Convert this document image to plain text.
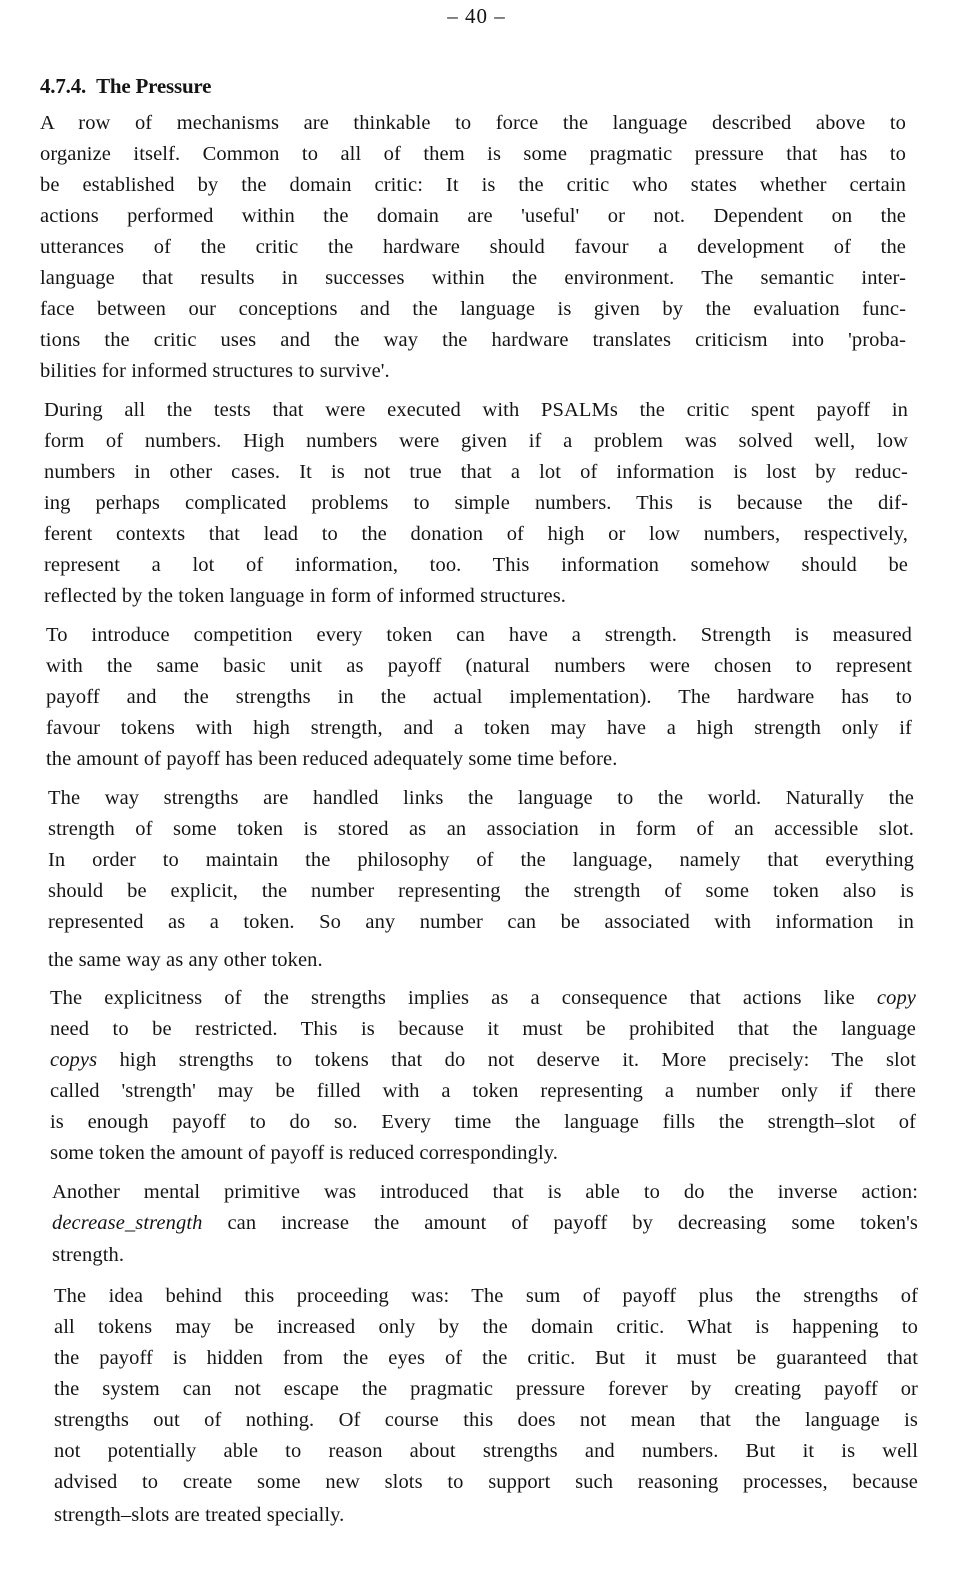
– 40 –
4.7.4. The Pressure
A row of mechanisms are thinkable to force the language described above to
organize itself. Common to all of them is some pragmatic pressure that has to
be established by the domain critic: It is the critic who states whether certain
actions performed within the domain are 'useful' or not. Dependent on the
utterances of the critic the hardware should favour a development of the
language that results in successes within the environment. The semantic inter-
face between our conceptions and the language is given by the evaluation func-
tions the critic uses and the way the hardware translates criticism into 'proba-
bilities for informed structures to survive'.
During all the tests that were executed with PSALMs the critic spent payoff in
form of numbers. High numbers were given if a problem was solved well, low
numbers in other cases. It is not true that a lot of information is lost by reduc-
ing perhaps complicated problems to simple numbers. This is because the dif-
ferent contexts that lead to the donation of high or low numbers, respectively,
represent a lot of information, too. This information somehow should be
reflected by the token language in form of informed structures.
To introduce competition every token can have a strength. Strength is measured
with the same basic unit as payoff (natural numbers were chosen to represent
payoff and the strengths in the actual implementation). The hardware has to
favour tokens with high strength, and a token may have a high strength only if
the amount of payoff has been reduced adequately some time before.
The way strengths are handled links the language to the world. Naturally the
strength of some token is stored as an association in form of an accessible slot.
In order to maintain the philosophy of the language, namely that everything
should be explicit, the number representing the strength of some token also is
represented as a token. So any number can be associated with information in
the same way as any other token.
The explicitness of the strengths implies as a consequence that actions like copy
need to be restricted. This is because it must be prohibited that the language
copys high strengths to tokens that do not deserve it. More precisely: The slot
called 'strength' may be filled with a token representing a number only if there
is enough payoff to do so. Every time the language fills the strength–slot of
some token the amount of payoff is reduced correspondingly.
Another mental primitive was introduced that is able to do the inverse action:
decrease_strength can increase the amount of payoff by decreasing some token's
strength.
The idea behind this proceeding was: The sum of payoff plus the strengths of
all tokens may be increased only by the domain critic. What is happening to
the payoff is hidden from the eyes of the critic. But it must be guaranteed that
the system can not escape the pragmatic pressure forever by creating payoff or
strengths out of nothing. Of course this does not mean that the language is
not potentially able to reason about strengths and numbers. But it is well
advised to create some new slots to support such reasoning processes, because
strength–slots are treated specially.
